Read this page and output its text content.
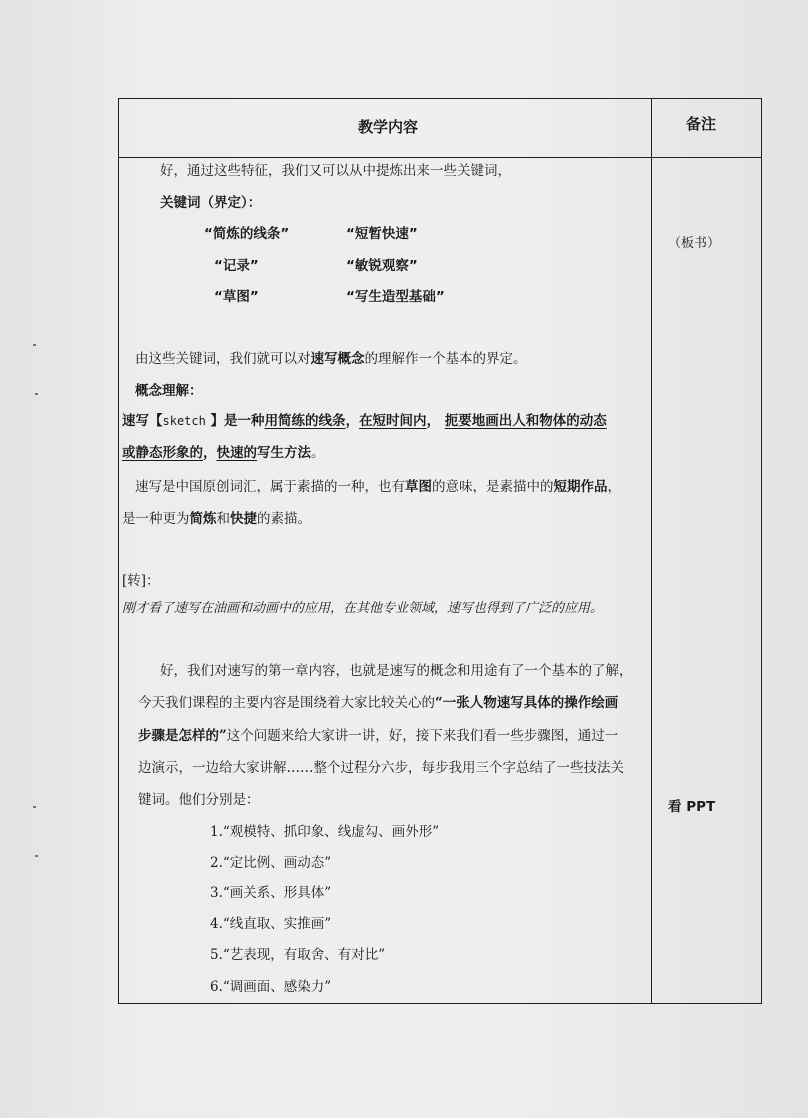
教学内容	备注
（板书）
看 PPT
好，通过这些特征，我们又可以从中提炼出来一些关键词，
关键词（界定）：
“简炼的线条”	“短暂快速”
“记录”	“敏锐观察”
“草图”	“写生造型基础”
由这些关键词，我们就可以对速写概念的理解作一个基本的界定。
概念理解：
速写【sketch 】是一种用简练的线条，在短时间内， 扼要地画出人和物体的动态
或静态形象的，快速的写生方法。
速写是中国原创词汇，属于素描的一种，也有草图的意味，是素描中的短期作品，
是一种更为简炼和快捷的素描。
[转]：
刚才看了速写在油画和动画中的应用，在其他专业领域，速写也得到了广泛的应用。
好，我们对速写的第一章内容，也就是速写的概念和用途有了一个基本的了解，
今天我们课程的主要内容是围绕着大家比较关心的“一张人物速写具体的操作绘画
步骤是怎样的”这个问题来给大家讲一讲，好，接下来我们看一些步骤图，通过一
边演示，一边给大家讲解……整个过程分六步，每步我用三个字总结了一些技法关
键词。他们分别是：
1.“观模特、抓印象、线虚勾、画外形”
2.“定比例、画动态”
3.“画关系、形具体”
4.“线直取、实推画”
5.“艺表现，有取舍、有对比”
6.“调画面、感染力”
